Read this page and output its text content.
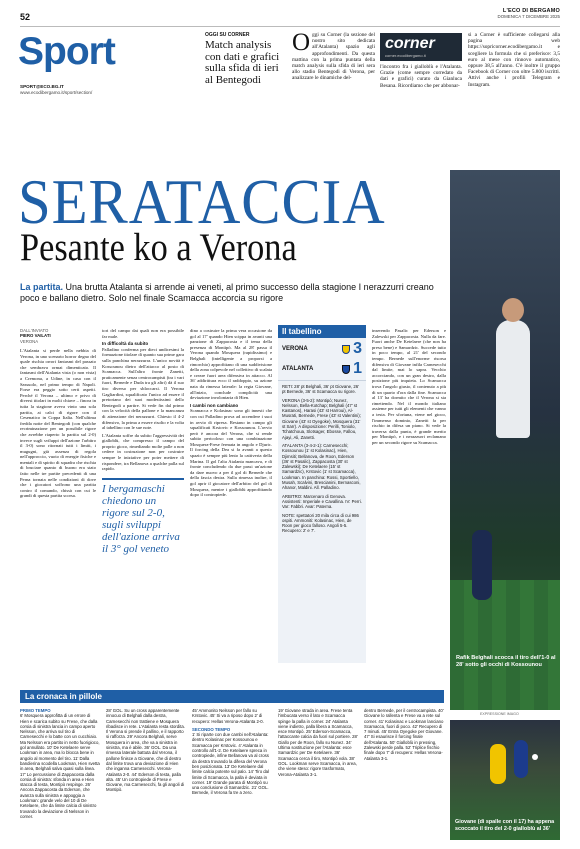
52
L'ECO DI BERGAMO
DOMENICA 7 DICEMBRE 2025
Sport
SPORT@ECO.BG.IT
www.ecodibergamo.it/sport/section/
OGGI SU CORNER
Match analysis con dati e grafici sulla sfida di ieri al Bentegodi
O ggi su Corner (la sezione del nostro sito dedicata all'Atalanta) spazio agli approfondimenti. Da questa mattina con la prima puntata della match analysis sulla sfida di ieri sera allo stadio Bentegodi di Verona, per analizzare le dinamiche del-

corner
corner.ecodibergamo.it

l'incontro fra i gialloblù e l'Atalanta. Grazie (come sempre corredato da dati e grafici) curato da Gianluca Besana. Ricordiamo che per abbonar-

si a Corner è sufficiente collegarsi alla pagina web https://sopricorner.ecodibergamo.it e scegliere la formula che si preferisce: 3,5 euro al mese con rinnovo automatico, oppure 38,5 all'anno. C'è inoltre il gruppo Facebook di Corner con oltre 5.800 iscritti. Attivi anche i profili Telegram e Instagram.

SERATACCIA
Pesante ko a Verona
La partita. Una brutta Atalanta si arrende ai veneti, al primo successo della stagione I nerazzurri creano poco e ballano dietro. Solo nel finale Scamacca accorcia su rigore
Rafik Belghali scocca il tiro dell'1-0 al 28' sotto gli occhi di Kossounou
EXPRESSIONE IMAGO
DALL'INVIATO
PIERO VAILATI
VERONA

L'Atalanta si perde nella nebbia di Verona, in uno scenario horror degno del quale rischia orrori fantasmi del passato che sembrava ormai dimenticato. Il fantasmi dell'Atalanta vista (o non vista) a Cremona, a Udine, in casa con il Sassuolo, nel primo tempo di Napoli. Forse era peggio sotto certi aspetti. Perché il Verona – ultimo e privo di diversi titolari in molti chiave – finora in tutta la stagione aveva vinto una sola partita, ai calci di rigore con il Cesenatico in Coppa Italia. Nell'ultima fredda notte del Bentegodi (con qualche recriminazione per un possibile rigore che avrebbe riaperto la partita sul 2-0) invece sugli sviluppi dell'azione l'arbitro il 3-0) sono ritornati tutti i limiti, i mugugni, già assenza di regola nell'approccio, vuoto di energie fisiche e mentali e di spirito di squadra che rischia di bruciare quanto di buono era stato fatto nelle tre partite precedenti di una Perna tornata nelle condizioni di dove che i giocatori soffrono una partita contro il comando, chissà con cui le grandi di questa partita scorsa.

tori del campo dai quali non era possibile far male.

In difficoltà da subito

Palladino conferma per dieci undicesimi la formazione titolare di quanto sua prime gara sulla panchina nerazzurra. L'unico novità è Kossounou dietro dell'attacco al posto di Scamacca. Sull'altro fronte Zanetti, praticamente senza centrocampisti (tra i vari fuori, Bernede e Duda tra gli altri) dà il suo tiro diverso per sbloccarsi. Il Verona Gagliardini, squalificato l'unico ad essere il pretoriano dei suoi modestissimi dello Bentegodi a partire. Si vede fin dal primo con la velocità della pallone e la mancanza di attenzione dei nerazzurri. Chiesto il 4-2 difensivo, la prima a essere risolto e la volta al tabellino con le sue note.

L'Atalanta soffre da subito l'aggressività dei gialloblù, che compresso il campo del proprio gioco, rimediando molte palle a non cedere in costruzione non per costruire sempre le iniziative per poter mettere di rispondere, tra Bellanova a qualche palla sul rapido.

I bergamaschi chiedono un rigore sul 2-0, sugli sviluppi dell'azione arriva il 3° gol veneto

dino a costruire la prima vera occasione da gol al 17' quando Hien scippa in avanti una panzione di Zappacosta e il tema della presenza di Montipò. Ma al 28' passa il Verona quando Mosquera (rapidissimo) e Belghali (intelligente a proporsi a rimorchio) approfittano di una suddivisione della zona colpevole nel collettivo di scalata e creare fuori area difensiva in attacco. Al 36' addirittura ecco il raddoppio, su azione nata da rimessa laterale: la regia Giovane, all'inizio, conclude complicità una deviazione involontaria di Hien.

I cambi non cambiano

Scamacca e Kolasinac sono gli innesti che con cui Palladino prova ad accendere i suoi in avvio di ripresa. Restano in campo gli squalificati Krstovic e Kossounou. L'avvio però è ancora del Verona, che si rende subito pericoloso con una combinazione Mosquera-Frese fermata in angolo e Djuric. Il forcing della Dea si fa avanti a questo spazio è sempre più lento la cattiveria della Marina. Il gol l'alta Atalanta mancava, e di fronte concludendo da due passi un'azione da dare nuovo a per il gol di Bernede che della fascia destra. Sulla rimessa inoltre, il gol aprir il giocatore dell'arbitro del gol di Mosquera, mentre i gialloblù approfittando dopo il contropiede.

Il tabellino
VERONA	3
ATALANTA 1

RETI: 28' pt Belghali, 36' pt Giovane, 26' pt Bernede, 36' st Scamacca su rigore.

VERONA (3-5-2): Montipò; Nunez, Nelsson, Bella-Kotchap; Belghali (47' st Kastanos), Harasi (43' st Harroui), Al-Musrati, Bernede, Frese (43' st Valentini); Giovane (43' st Oyegoke), Mosquera (31' st Sarr). A disposizione: Perilli, Toniolo, Tchatchoua, Slotsager, Ebosse, Fallou, Ajayi, Ali, Zanetti.

ATALANTA (3-4-2-1): Carnesecchi; Kossounou (1' st Kolasinac), Hien, Djimsiti; Bellanova, de Roon, Ederson (36' st Pasalic), Zappacosta (30' st Zalewski); De Ketelaere (15' st Samardzic), Krstovic (1' st Scamacca), Lookman. In panchina: Rossi, Sportiello, Musah, Scalvini, Brescianini, Bernasconi, Ahanor, Maldini. All. Palladino.

ARBITRO: Marcenaro di Genova. Assistenti: Imperiale e Cavallina. IV: Perri. Var: Fabbri. Avar: Paterna.

NOTE: spettatori 20 mila circa di cui 986 ospiti. Ammoniti: Kolasinac, Hien, de Roon per gioco falloso. Angoli 5-5. Recupero: 2' e 7'.

inserendo Pasalic per Ederson e Zalewski per Zappacosta. Nulla da fare. Fuori anche De Ketelaere (che non ha preso bene) e Samardzic. Succede tutto in poco tempo, al 21' del secondo tempo. Bernede sull'enorme risorsa difensiva di Giovane infila Carnesecchi dal limite, mai lo sapra. Vecchio accorciando, con un gran destro, dalla posizione più inquieta. Lo Scamacca trova l'angolo giusto, il contenuto a più di un quarto d'ora dalla fine. Scamacca al 13' ha dormito che il Verona si sta rimettendo. Nel il mondo italiano assieme per tutti gli elementi che vanno a testa. Per sfortuna, viene nel gioco, l'immenso dominio, Zanetti fa per rischio in difesa un piano. Si vede la traversa dalla punta, è grande merito per Montipò, e i nerazzurri reclamano per un secondo rigore su Scamacca.

La cronaca in pillole

PRIMO TEMPO

6' Mosquera approfitta di un errore di Hien e scarica subito su Frese, che dalla corsia di sinistra lancia in campo aperto Nelsson, che arriva sul tiro di Carnesecchi e lo batte con un cucchiaio. Ma Nelsson era partito in netto fuorigioco, gol annullato. 10' De Ketelaere serve Lookman in area, ma lo blocca bene in angolo al momento del tiro. 11' Dalla bandierina scodella Lookman, Hien svetta in area, Belghali salva quasi sulla linea. 17' Lo percussione di Zappacosta dalla corsia di sinistra: sfonda in area e Hien stacca di testa, Montipò respinge. 26' Ancora Zappacosta da Ederson, che avanza sulla sinistra e appoggia a Lookman: grande velo del 10 di De Ketelaere, che da limite calcia di sinistro trovando la deviazione di Nelsson in corner.

28' GOL. Su un cross apparentemente innocuo di Belghali dalla destra, Carnesecchi non trattiene e Mosquera ribadisce in rete. L'Atalanta resta stordita. Il Verona si prende il pallino, e il rapporto si rafforza. 29' Ancora Belghali, serve Mosquera in area, che va a sinistra in sinistra, ma è abile. 36' GOL. Da una rimessa laterale battuta dal Verona, il pallone finisce a Giovane, che di destro dal limite trova una deviazione di Hien che inganna Carnesecchi. Verona-Atalanta 2-0. 44' Ederson di testa, palla alta. 45' Un contropiede di Frese e Giovane, ma Carnesecchi, fa gli angoli di Montipò.

45' Ammonito Nelsson per fallo su Krstovic. 45' Si va a riposo dopo 2' di recupero: Hellas Verona-Atalanta 2-0.

SECONDO TEMPO

1' Si riparte con due cambi nell'Atalanta: dentro Kolasinac per Kossounou e Scamacca per Krstovic. 4' Atalanta in controllo all'1-2. De Ketelaere spreca in contropiede, infine Bellanova va al cross da destra trovando la difesa del Verona ben posizionata. 13' De Ketelaere dal limite calcia potente sul palo. 14' Tiro dal limite di Scamacca, la palla è deviata in corner. 19' Grande parata di Montipò su una conclusione di Samardzic. 21' GOL. Bernede, il Verona fa tre a zero.

19' Giovane strada in area. Frese tenta l'imbucata verso il lato e Scamacca spinge la palla in corner. 24' Atalanta viene indietro, palla libera a Scamacca, esce Montipò. 25' Ederson-Scamacca, l'attaccante calcia da fuori sul portiere. 28' Giallo per de Roon, fallo su Nunez. 34' Ultima sostituzione per l'Atalanta: esce Samardzic per De Ketelaere. 36' Scamacca cerca il tiro, Montipò vola. 38' GOL. Lookman serve Scamacca, in area, che viene steso: rigore trasformato, Verona-Atalanta 3-1.

dentro Bernede, per il centrocampista. 40' Giovane lo rallenta e Frese va a rete sul corner. 41' Kolasinac e Lookman lanciano Scamacca, fuori di poco. 42' Recupero di 7 minuti. 45' Entra Oyegoke per Giovane. 47' Si esaurisce il forcing finale dell'Atalanta. 50' Gialloblù in pressing, Zalewski perde palla. 52' Triplice fischio finale dopo 7' di recupero: Hellas Verona-Atalanta 3-1.

Giovane (di spalle con il 17) ha appena scoccato il tiro del 2-0 gialloblù al 36'
